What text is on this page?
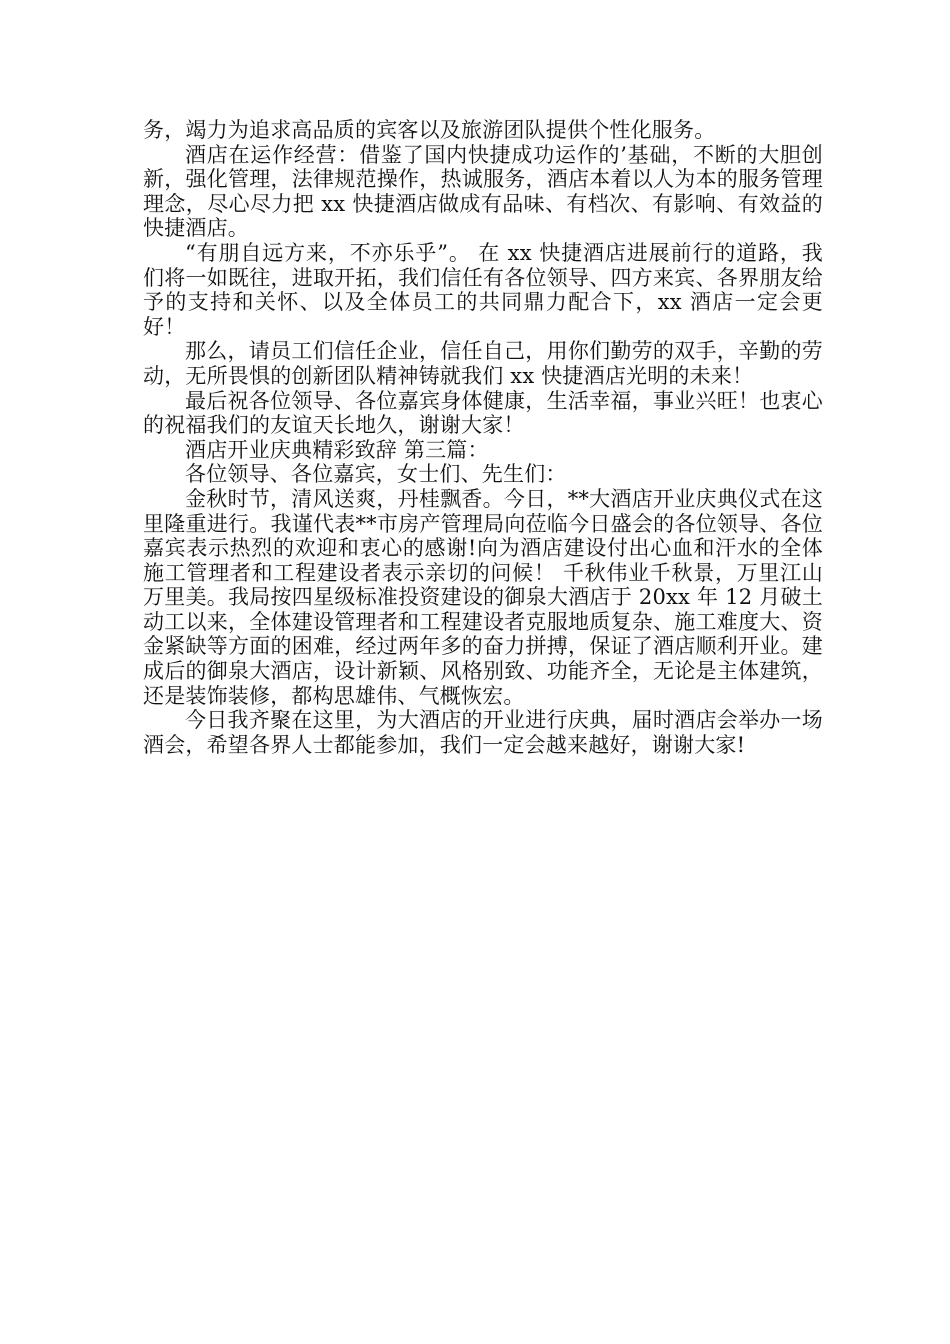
务，竭力为追求高品质的宾客以及旅游团队提供个性化服务。

酒店在运作经营：借鉴了国内快捷成功运作的’基础，不断的大胆创新，强化管理，法律规范操作，热诚服务，酒店本着以人为本的服务管理理念，尽心尽力把 xx 快捷酒店做成有品味、有档次、有影响、有效益的快捷酒店。

“有朋自远方来，不亦乐乎”。 在 xx 快捷酒店进展前行的道路，我们将一如既往，进取开拓，我们信任有各位领导、四方来宾、各界朋友给予的支持和关怀、以及全体员工的共同鼎力配合下，xx 酒店一定会更好！

那么，请员工们信任企业，信任自己，用你们勤劳的双手，辛勤的劳动，无所畏惧的创新团队精神铸就我们 xx 快捷酒店光明的未来！

最后祝各位领导、各位嘉宾身体健康，生活幸福，事业兴旺！也衷心的祝福我们的友谊天长地久，谢谢大家！

酒店开业庆典精彩致辞 第三篇：

各位领导、各位嘉宾，女士们、先生们：

金秋时节，清风送爽，丹桂飘香。今日，**大酒店开业庆典仪式在这里隆重进行。我谨代表**市房产管理局向莅临今日盛会的各位领导、各位嘉宾表示热烈的欢迎和衷心的感谢!向为酒店建设付出心血和汗水的全体施工管理者和工程建设者表示亲切的问候！ 千秋伟业千秋景，万里江山万里美。我局按四星级标准投资建设的御泉大酒店于 20xx 年 12 月破土动工以来，全体建设管理者和工程建设者克服地质复杂、施工难度大、资金紧缺等方面的困难，经过两年多的奋力拼搏，保证了酒店顺利开业。建成后的御泉大酒店，设计新颖、风格别致、功能齐全，无论是主体建筑，还是装饰装修，都构思雄伟、气概恢宏。

今日我齐聚在这里，为大酒店的开业进行庆典，届时酒店会举办一场酒会，希望各界人士都能参加，我们一定会越来越好，谢谢大家!
